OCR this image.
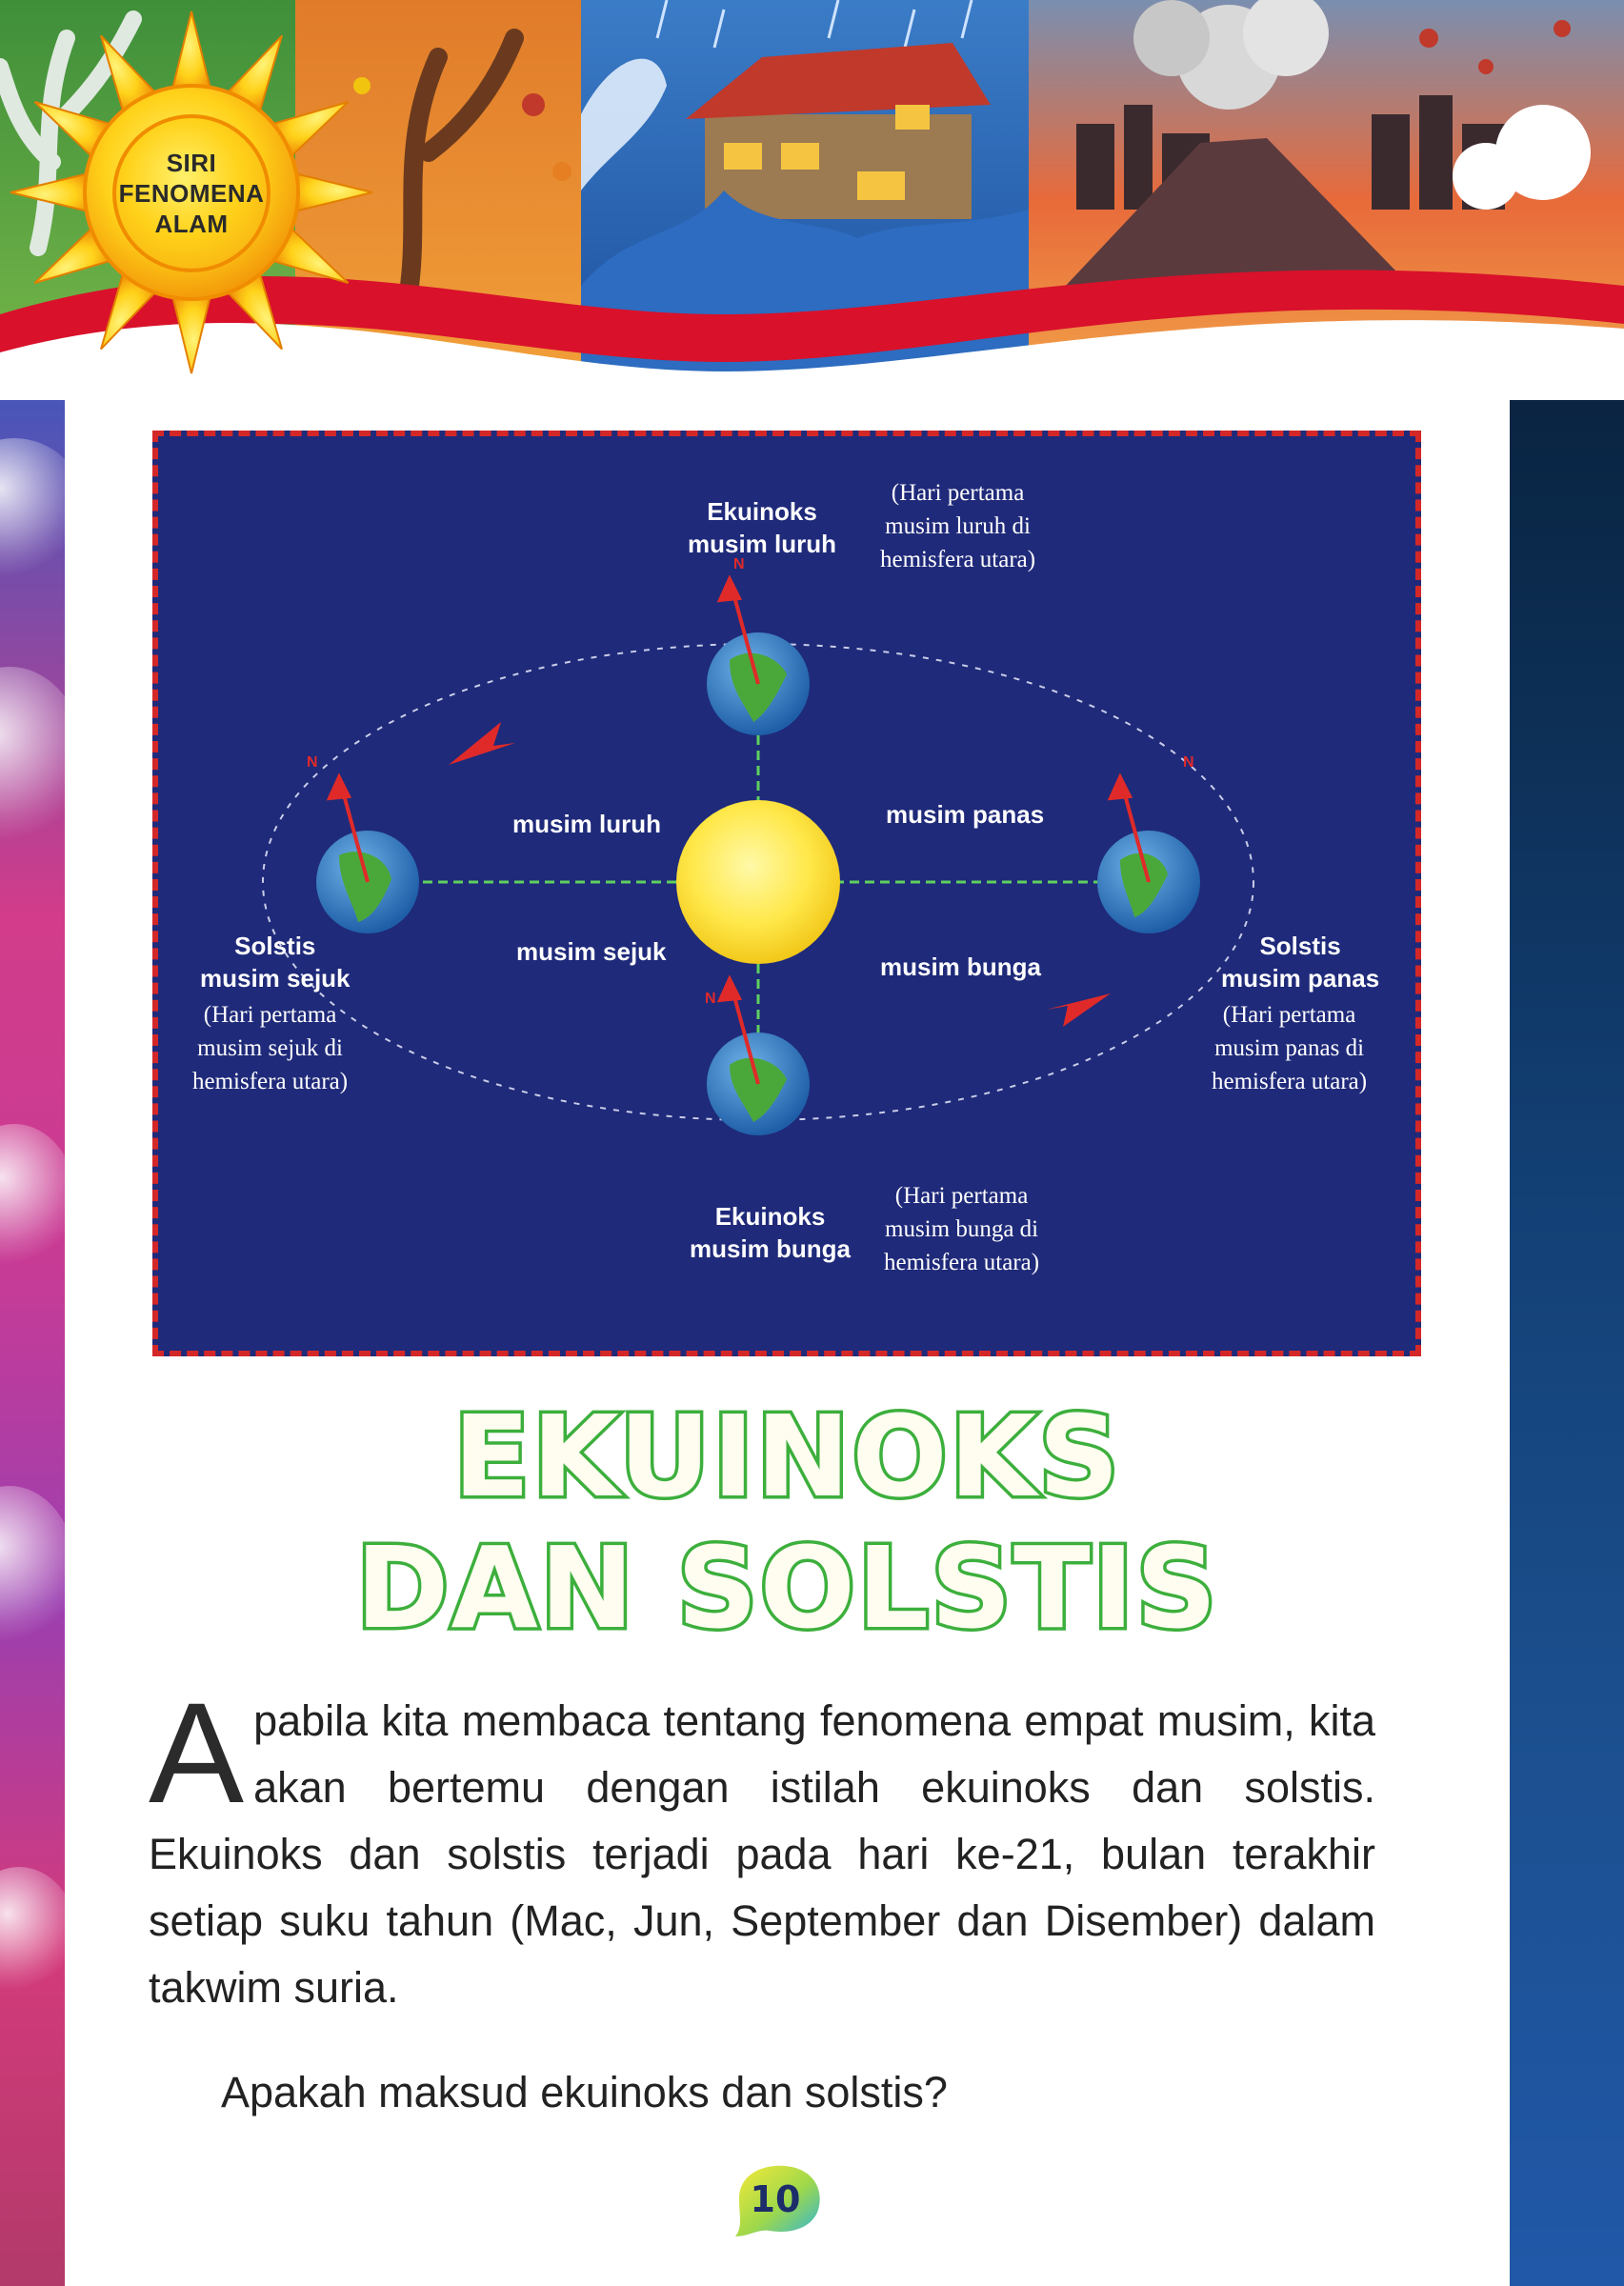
SIRI
FENOMENA
ALAM
N
N	N
N
Ekuinoks
musim luruh
(Hari pertama
musim luruh di
hemisfera utara)
Solstis
musim sejuk
(Hari pertama
musim sejuk di
hemisfera utara)
Solstis
musim panas
(Hari pertama
musim panas di
hemisfera utara)
Ekuinoks
musim bunga
(Hari pertama
musim bunga di
hemisfera utara)
musim luruh	musim panas
musim sejuk
musim bunga
EKUINOKS
DAN SOLSTIS
Apabila kita membaca tentang fenomena empat musim, kita akan bertemu dengan istilah ekuinoks dan solstis. Ekuinoks dan solstis terjadi pada hari ke-21, bulan terakhir setiap suku tahun (Mac, Jun, September dan Disember) dalam takwim suria.
Apakah maksud ekuinoks dan solstis?
10
